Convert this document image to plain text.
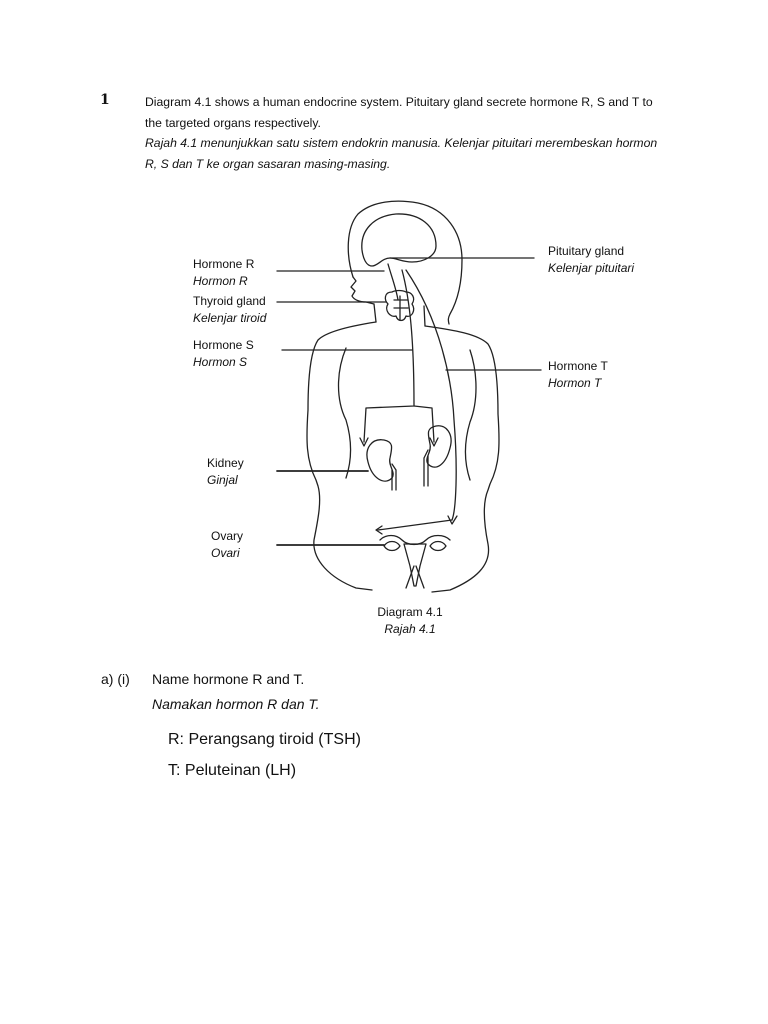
1	Diagram 4.1 shows a human endocrine system. Pituitary gland secrete hormone R, S and T to the targeted organs respectively.

Rajah 4.1 menunjukkan satu sistem endokrin manusia. Kelenjar pituitari merembeskan hormon R, S dan T ke organ sasaran masing-masing.

Hormone R
Hormon R
Thyroid gland
Kelenjar tiroid
Hormone S
Hormon S
Kidney
Ginjal
Ovary
Ovari
Pituitary gland
Kelenjar pituitari
Hormone T
Hormon T
Diagram 4.1
Rajah 4.1
a) (i) Name hormone R and T.
Namakan hormon R dan T.
R: Perangsang tiroid (TSH)
T: Peluteinan (LH)
